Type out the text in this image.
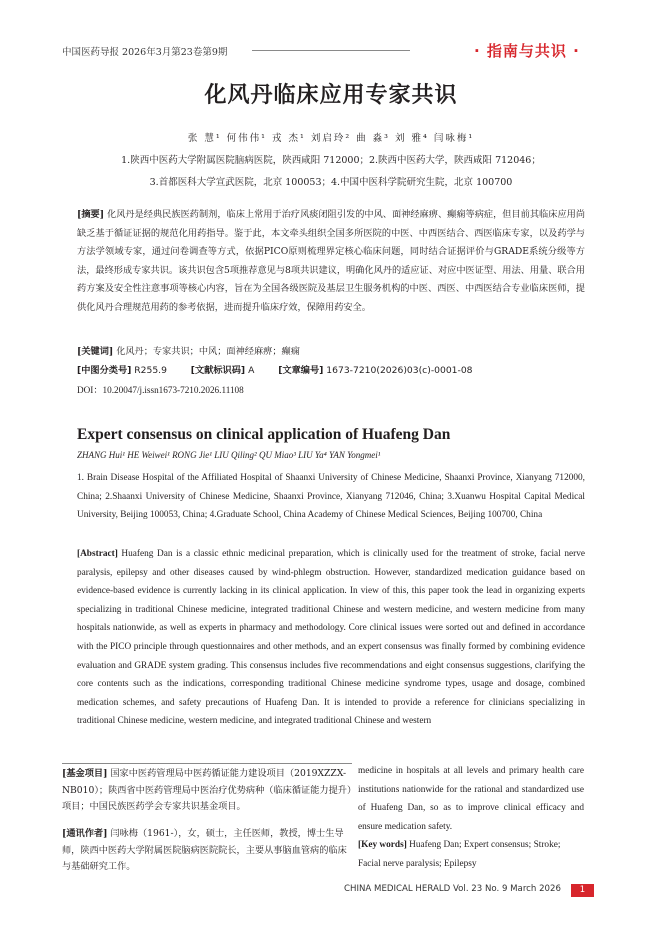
中国医药导报 2026年3月第23卷第9期	· 指南与共识 ·
化风丹临床应用专家共识
张 慧¹ 何伟伟¹ 戎 杰¹ 刘启玲² 曲 淼³ 刘 雅⁴ 闫咏梅¹
1.陕西中医药大学附属医院脑病医院，陕西咸阳 712000；2.陕西中医药大学，陕西咸阳 712046；
3.首都医科大学宣武医院，北京 100053；4.中国中医科学院研究生院，北京 100700
[摘要] 化风丹是经典民族医药制剂，临床上常用于治疗风痰闭阻引发的中风、面神经麻痹、癫痫等病症，但目前其临床应用尚缺乏基于循证证据的规范化用药指导。鉴于此，本文牵头组织全国多所医院的中医、中西医结合、西医临床专家，以及药学与方法学领域专家，通过问卷调查等方式，依据PICO原则梳理界定核心临床问题，同时结合证据评价与GRADE系统分级等方法，最终形成专家共识。该共识包含5项推荐意见与8项共识建议，明确化风丹的适应证、对应中医证型、用法、用量、联合用药方案及安全性注意事项等核心内容，旨在为全国各级医院及基层卫生服务机构的中医、西医、中西医结合专业临床医师，提供化风丹合理规范用药的参考依据，进而提升临床疗效，保障用药安全。
[关键词] 化风丹；专家共识；中风；面神经麻痹；癫痫
[中图分类号] R255.9	[文献标识码] A	[文章编号] 1673-7210(2026)03(c)-0001-08
DOI：10.20047/j.issn1673-7210.2026.11108
Expert consensus on clinical application of Huafeng Dan
ZHANG Hui¹ HE Weiwei¹ RONG Jie¹ LIU Qiling² QU Miao³ LIU Ya⁴ YAN Yongmei¹
1. Brain Disease Hospital of the Affiliated Hospital of Shaanxi University of Chinese Medicine, Shaanxi Province, Xianyang 712000, China; 2.Shaanxi University of Chinese Medicine, Shaanxi Province, Xianyang 712046, China; 3.Xuanwu Hospital Capital Medical University, Beijing 100053, China; 4.Graduate School, China Academy of Chinese Medical Sciences, Beijing 100700, China
[Abstract] Huafeng Dan is a classic ethnic medicinal preparation, which is clinically used for the treatment of stroke, facial nerve paralysis, epilepsy and other diseases caused by wind-phlegm obstruction. However, standardized medication guidance based on evidence-based evidence is currently lacking in its clinical application. In view of this, this paper took the lead in organizing experts specializing in traditional Chinese medicine, integrated traditional Chinese and western medicine, and western medicine from many hospitals nationwide, as well as experts in pharmacy and methodology. Core clinical issues were sorted out and defined in accordance with the PICO principle through questionnaires and other methods, and an expert consensus was finally formed by combining evidence evaluation and GRADE system grading. This consensus includes five recommendations and eight consensus suggestions, clarifying the core contents such as the indications, corresponding traditional Chinese medicine syndrome types, usage and dosage, combined medication schemes, and safety precautions of Huafeng Dan. It is intended to provide a reference for clinicians specializing in traditional Chinese medicine, western medicine, and integrated traditional Chinese and western
[基金项目] 国家中医药管理局中医药循证能力建设项目（2019XZZX-NB010）；陕西省中医药管理局中医治疗优势病种（临床循证能力提升）项目；中国民族医药学会专家共识基金项目。
[通讯作者] 闫咏梅（1961-），女，硕士，主任医师，教授，博士生导师，陕西中医药大学附属医院脑病医院院长，主要从事脑血管病的临床与基础研究工作。
medicine in hospitals at all levels and primary health care institutions nationwide for the rational and standardized use of Huafeng Dan, so as to improve clinical efficacy and ensure medication safety.
[Key words] Huafeng Dan; Expert consensus; Stroke; Facial nerve paralysis; Epilepsy
CHINA MEDICAL HERALD Vol. 23 No. 9 March 2026	1
